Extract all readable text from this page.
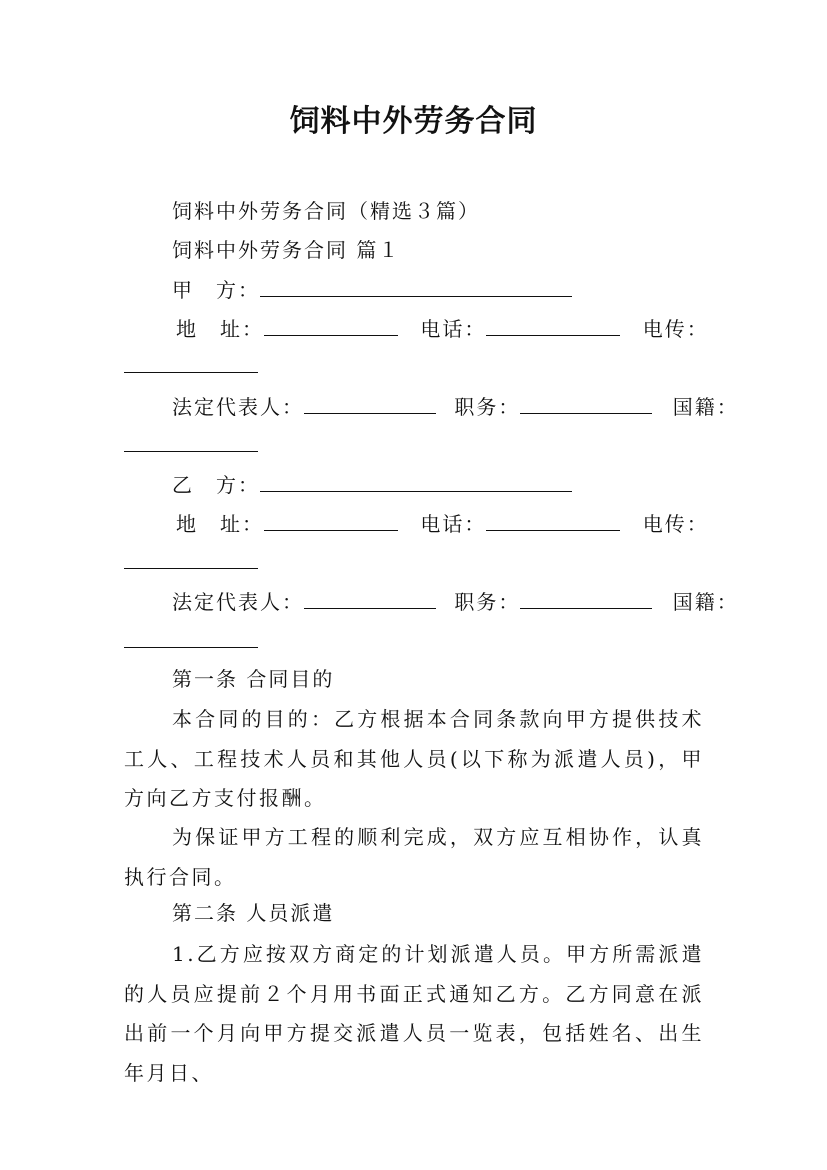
饲料中外劳务合同
饲料中外劳务合同（精选３篇）
饲料中外劳务合同 篇１
甲　方：
地　址：	电话：	电传：
法定代表人：	职务：	国籍：
乙　方：
地　址：	电话：	电传：
法定代表人：	职务：	国籍：
第一条 合同目的

本合同的目的：乙方根据本合同条款向甲方提供技术工人、工程技术人员和其他人员(以下称为派遣人员)，甲方向乙方支付报酬。

为保证甲方工程的顺利完成，双方应互相协作，认真执行合同。

第二条 人员派遣

1.乙方应按双方商定的计划派遣人员。甲方所需派遣的人员应提前２个月用书面正式通知乙方。乙方同意在派出前一个月向甲方提交派遣人员一览表，包括姓名、出生年月日、
